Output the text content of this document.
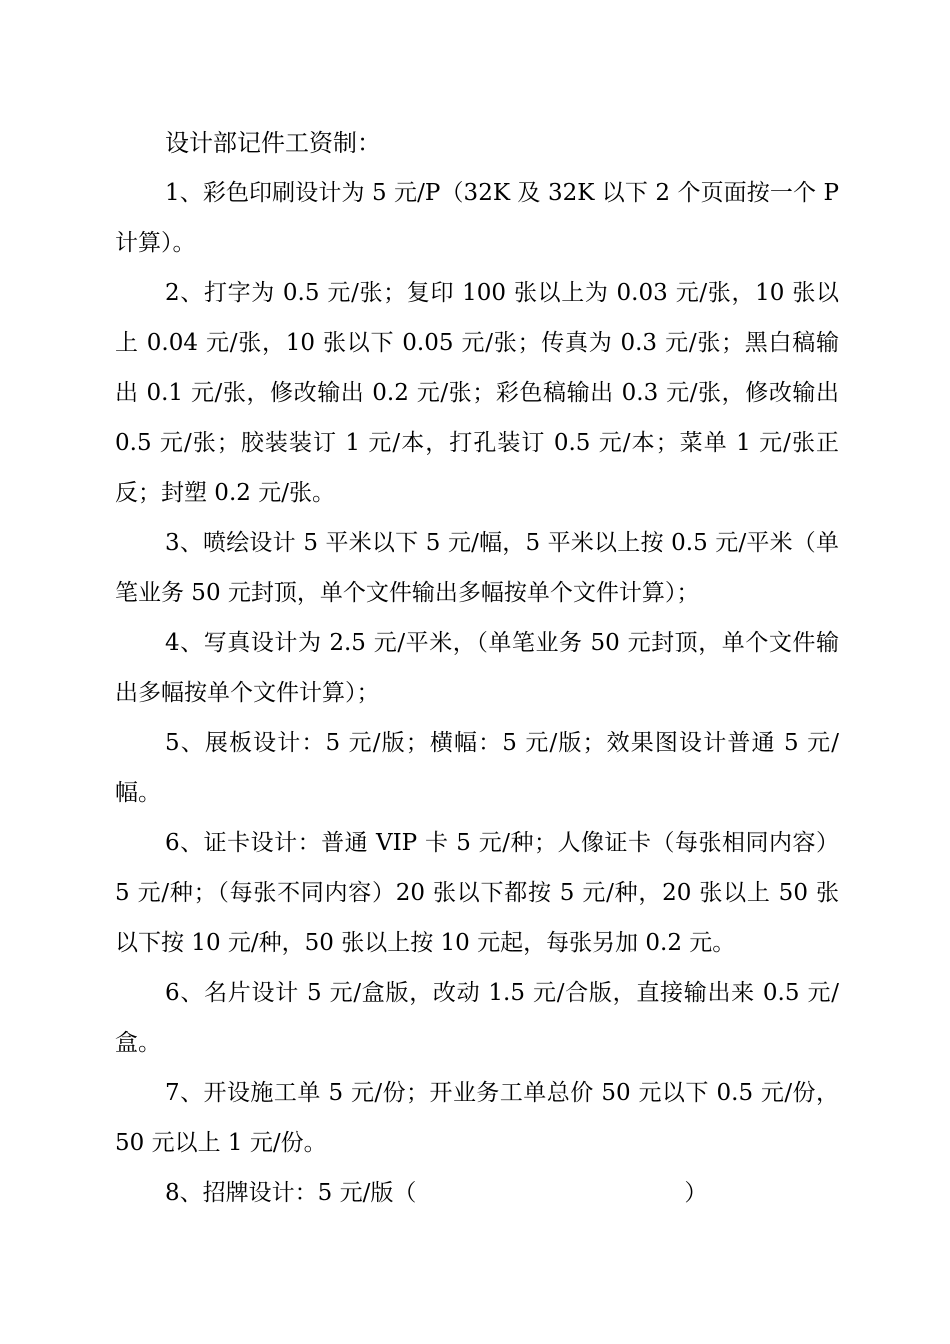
设计部记件工资制：

1、彩色印刷设计为 5 元/P（32K 及 32K 以下 2 个页面按一个 P 计算）。

2、打字为 0.5 元/张；复印 100 张以上为 0.03 元/张，10 张以上 0.04 元/张，10 张以下 0.05 元/张；传真为 0.3 元/张；黑白稿输出 0.1 元/张，修改输出 0.2 元/张；彩色稿输出 0.3 元/张，修改输出 0.5 元/张；胶装装订 1 元/本，打孔装订 0.5 元/本；菜单 1 元/张正反；封塑 0.2 元/张。

3、喷绘设计 5 平米以下 5 元/幅，5 平米以上按 0.5 元/平米（单笔业务 50 元封顶，单个文件输出多幅按单个文件计算）；

4、写真设计为 2.5 元/平米，（单笔业务 50 元封顶，单个文件输出多幅按单个文件计算）；

5、展板设计：5 元/版；横幅：5 元/版；效果图设计普通 5 元/幅。

6、证卡设计：普通 VIP 卡 5 元/种；人像证卡（每张相同内容）5 元/种；（每张不同内容）20 张以下都按 5 元/种，20 张以上 50 张以下按 10 元/种，50 张以上按 10 元起，每张另加 0.2 元。

6、名片设计 5 元/盒版，改动 1.5 元/合版，直接输出来 0.5 元/盒。

7、开设施工单 5 元/份；开业务工单总价 50 元以下 0.5 元/份，50 元以上 1 元/份。

8、招牌设计：5 元/版（	）
